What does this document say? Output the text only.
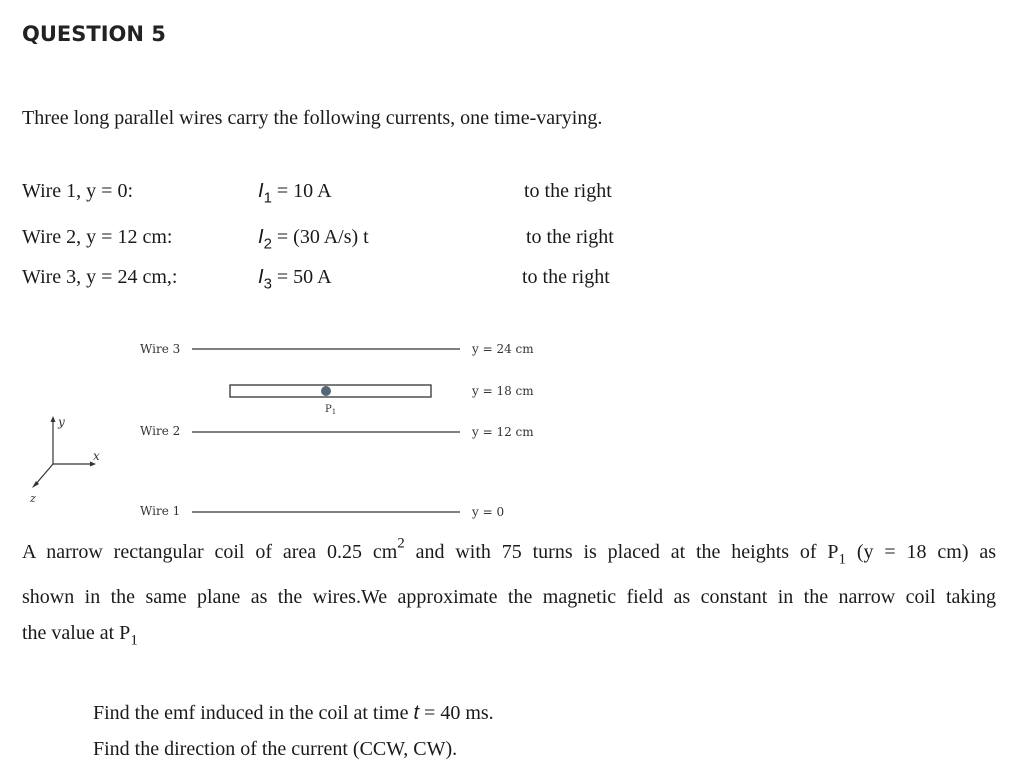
QUESTION 5
Three long parallel wires carry the following currents, one time-varying.
Wire 1, y = 0:	$I_1 = 10$ A	to the right
Wire 2, y = 12 cm:	$I_2 = (30$ A/s) t	to the right
Wire 3, y = 24 cm,:	$I_3 = 50$ A	to the right
Wire 3	y = 24 cm
$P_1$
y = 18 cm
Wire 2	y = 12 cm
Wire 1	y = 0
y
x
z
A narrow rectangular coil of area 0.25 $cm^2$ and with 75 turns is placed at the heights of $P_1$ (y = 18 cm) as
shown in the same plane as the wires.We approximate the magnetic field as constant in the narrow coil taking
the value at $P_1$
Find the emf induced in the coil at time t = 40 ms.
Find the direction of the current (CCW, CW).
